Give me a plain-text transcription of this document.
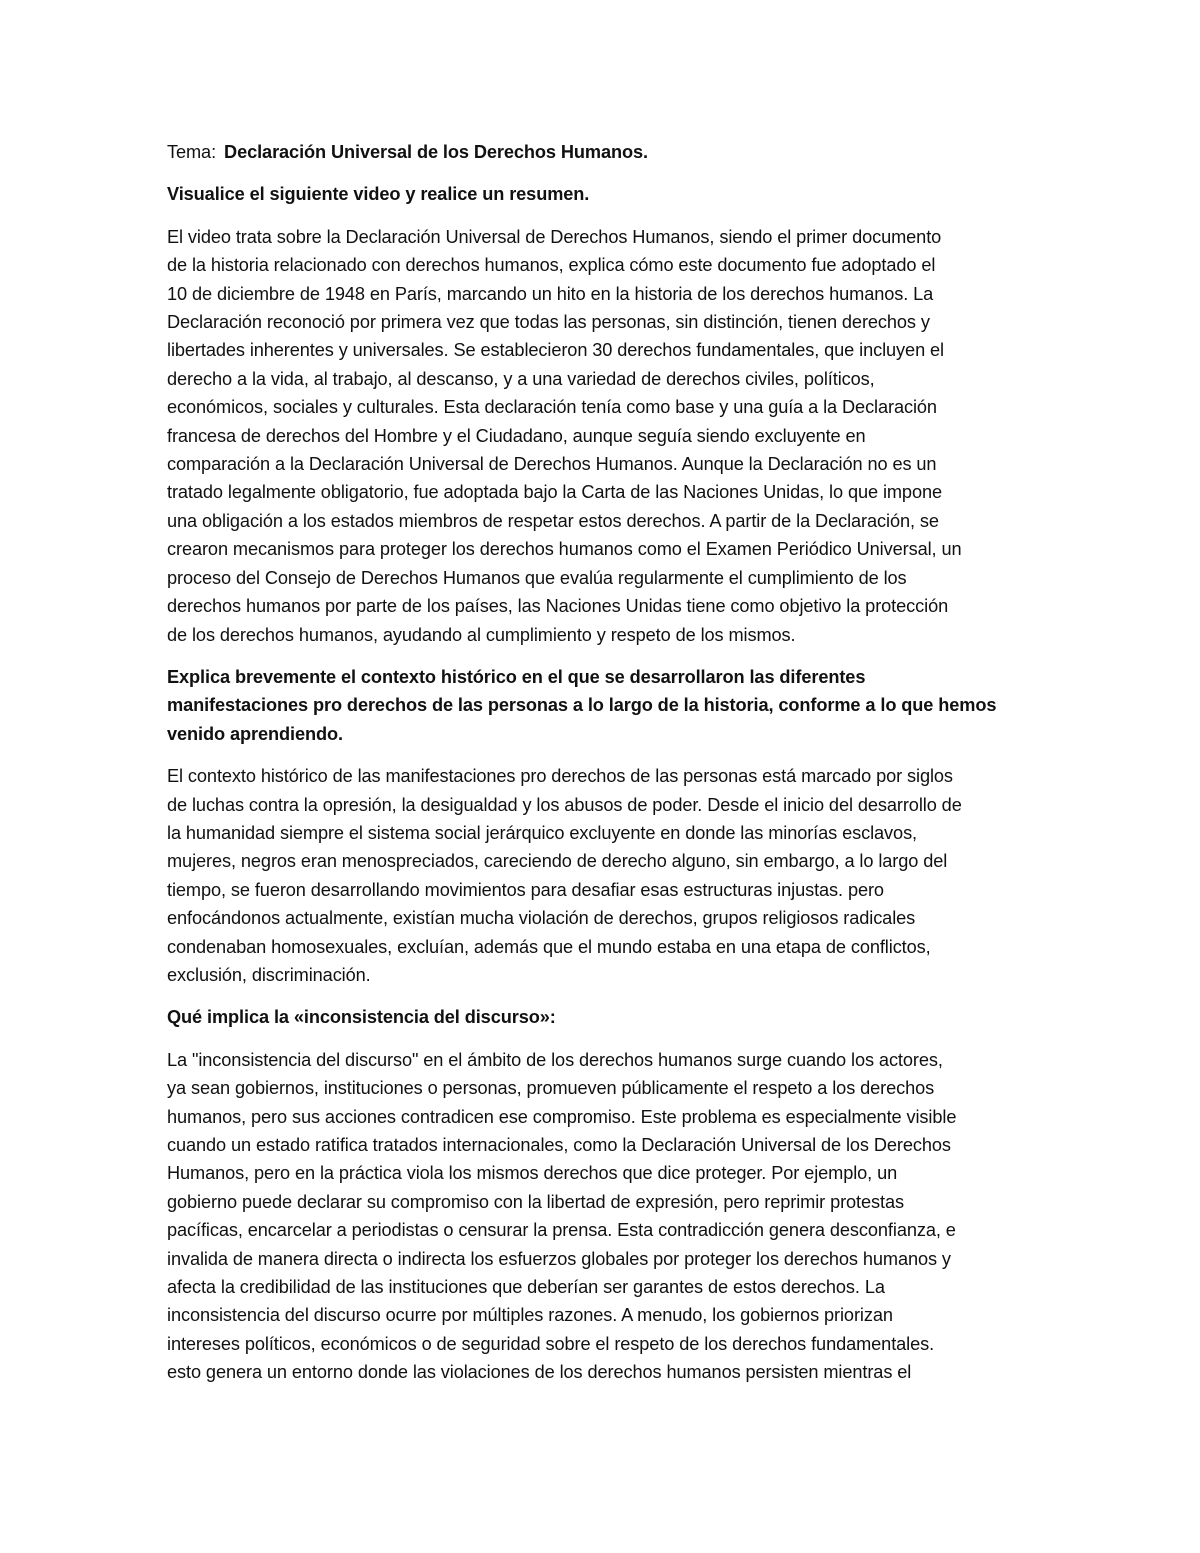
Tema: Declaración Universal de los Derechos Humanos.
Visualice el siguiente video y realice un resumen.
El video trata sobre la Declaración Universal de Derechos Humanos, siendo el primer documento
de la historia relacionado con derechos humanos, explica cómo este documento fue adoptado el
10 de diciembre de 1948 en París, marcando un hito en la historia de los derechos humanos. La
Declaración reconoció por primera vez que todas las personas, sin distinción, tienen derechos y
libertades inherentes y universales. Se establecieron 30 derechos fundamentales, que incluyen el
derecho a la vida, al trabajo, al descanso, y a una variedad de derechos civiles, políticos,
económicos, sociales y culturales. Esta declaración tenía como base y una guía a la Declaración
francesa de derechos del Hombre y el Ciudadano, aunque seguía siendo excluyente en
comparación a la Declaración Universal de Derechos Humanos. Aunque la Declaración no es un
tratado legalmente obligatorio, fue adoptada bajo la Carta de las Naciones Unidas, lo que impone
una obligación a los estados miembros de respetar estos derechos. A partir de la Declaración, se
crearon mecanismos para proteger los derechos humanos como el Examen Periódico Universal, un
proceso del Consejo de Derechos Humanos que evalúa regularmente el cumplimiento de los
derechos humanos por parte de los países, las Naciones Unidas tiene como objetivo la protección
de los derechos humanos, ayudando al cumplimiento y respeto de los mismos.
Explica brevemente el contexto histórico en el que se desarrollaron las diferentes
manifestaciones pro derechos de las personas a lo largo de la historia, conforme a lo que hemos
venido aprendiendo.
El contexto histórico de las manifestaciones pro derechos de las personas está marcado por siglos
de luchas contra la opresión, la desigualdad y los abusos de poder. Desde el inicio del desarrollo de
la humanidad siempre el sistema social jerárquico excluyente en donde las minorías esclavos,
mujeres, negros eran menospreciados, careciendo de derecho alguno, sin embargo, a lo largo del
tiempo, se fueron desarrollando movimientos para desafiar esas estructuras injustas. pero
enfocándonos actualmente, existían mucha violación de derechos, grupos religiosos radicales
condenaban homosexuales, excluían, además que el mundo estaba en una etapa de conflictos,
exclusión, discriminación.
Qué implica la «inconsistencia del discurso»:
La "inconsistencia del discurso" en el ámbito de los derechos humanos surge cuando los actores,
ya sean gobiernos, instituciones o personas, promueven públicamente el respeto a los derechos
humanos, pero sus acciones contradicen ese compromiso. Este problema es especialmente visible
cuando un estado ratifica tratados internacionales, como la Declaración Universal de los Derechos
Humanos, pero en la práctica viola los mismos derechos que dice proteger. Por ejemplo, un
gobierno puede declarar su compromiso con la libertad de expresión, pero reprimir protestas
pacíficas, encarcelar a periodistas o censurar la prensa. Esta contradicción genera desconfianza, e
invalida de manera directa o indirecta los esfuerzos globales por proteger los derechos humanos y
afecta la credibilidad de las instituciones que deberían ser garantes de estos derechos. La
inconsistencia del discurso ocurre por múltiples razones. A menudo, los gobiernos priorizan
intereses políticos, económicos o de seguridad sobre el respeto de los derechos fundamentales.
esto genera un entorno donde las violaciones de los derechos humanos persisten mientras el
